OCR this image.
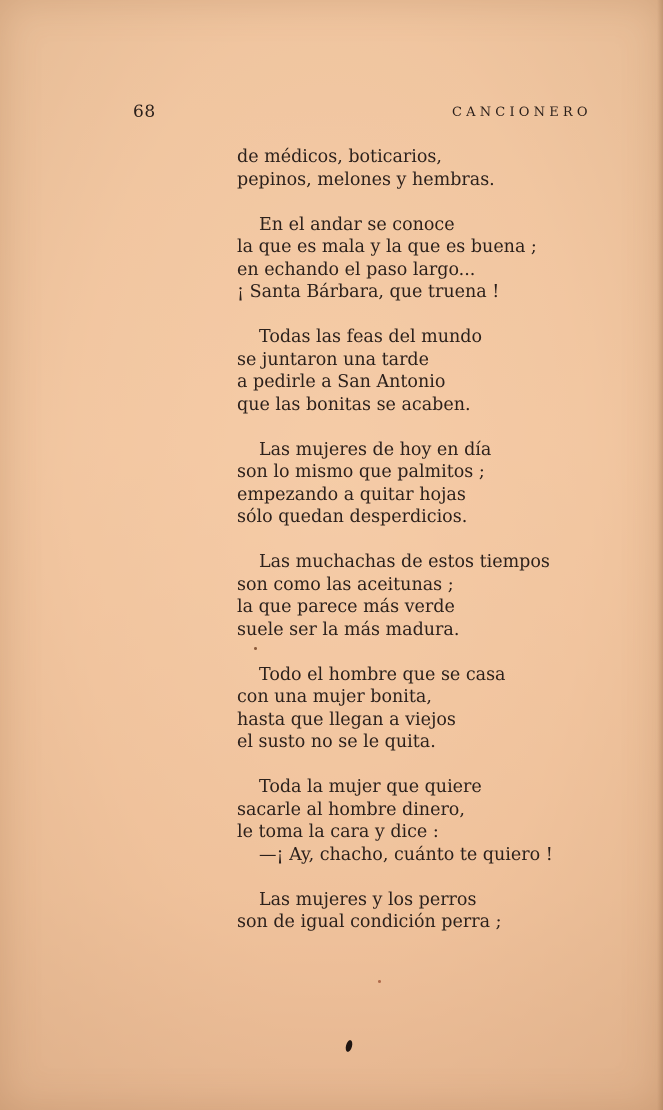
68	CANCIONERO
de médicos, boticarios,
pepinos, melones y hembras.
En el andar se conoce
la que es mala y la que es buena ;
en echando el paso largo...
¡ Santa Bárbara, que truena !
Todas las feas del mundo
se juntaron una tarde
a pedirle a San Antonio
que las bonitas se acaben.
Las mujeres de hoy en día
son lo mismo que palmitos ;
empezando a quitar hojas
sólo quedan desperdicios.
Las muchachas de estos tiempos
son como las aceitunas ;
la que parece más verde
suele ser la más madura.
Todo el hombre que se casa
con una mujer bonita,
hasta que llegan a viejos
el susto no se le quita.
Toda la mujer que quiere
sacarle al hombre dinero,
le toma la cara y dice :
—¡ Ay, chacho, cuánto te quiero !
Las mujeres y los perros
son de igual condición perra ;
